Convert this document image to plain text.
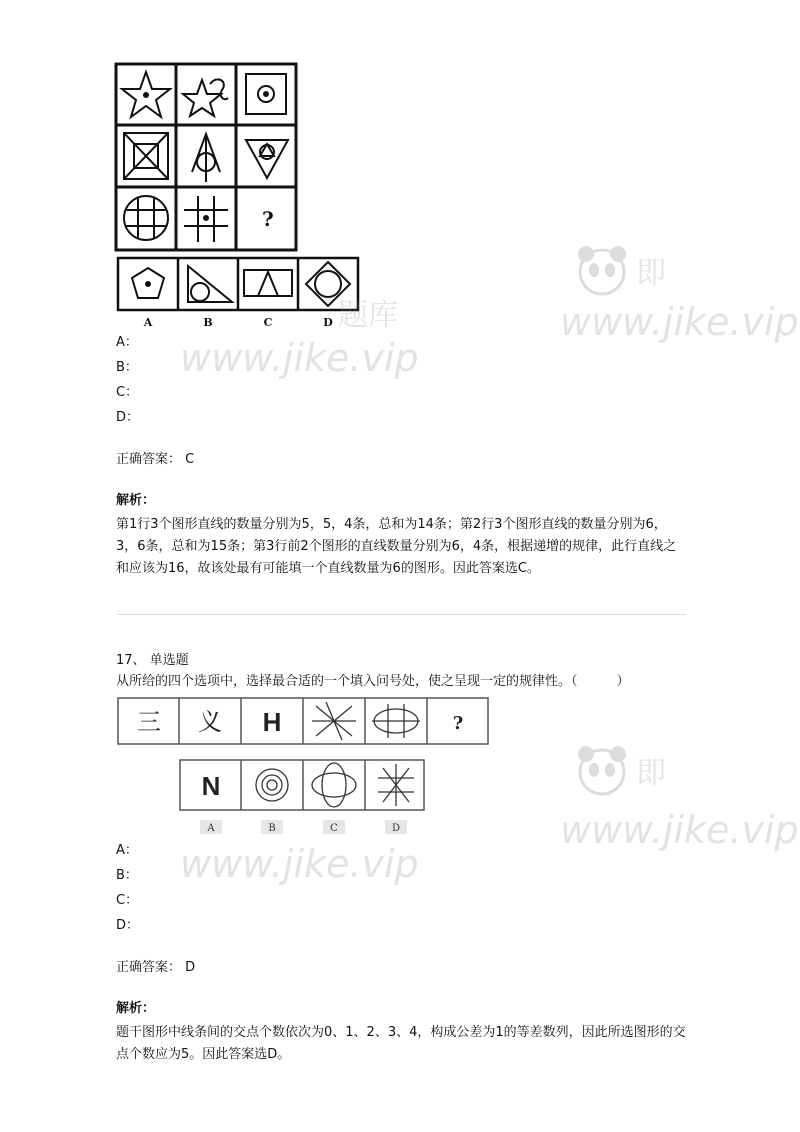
?
A	B	C	D

A：

B：

C：

D：

正确答案： C

解析：

第1行3个图形直线的数量分别为5，5，4条，总和为14条；第2行3个图形直线的数量分别为6，3，6条，总和为15条；第3行前2个图形的直线数量分别为6，4条，根据递增的规律，此行直线之和应该为16，故该处最有可能填一个直线数量为6的图形。因此答案选C。

17、 单选题

从所给的四个选项中，选择最合适的一个填入问号处，使之呈现一定的规律性。（　　　）

三 义 H	?
N
A	B	C	D

A：

B：

C：

D：

正确答案： D

解析：

题干图形中线条间的交点个数依次为0、1、2、3、4，构成公差为1的等差数列，因此所选图形的交点个数应为5。因此答案选D。

即
www.jike.vip
题库
www.jike.vip
即
www.jike.vip
www.jike.vip
